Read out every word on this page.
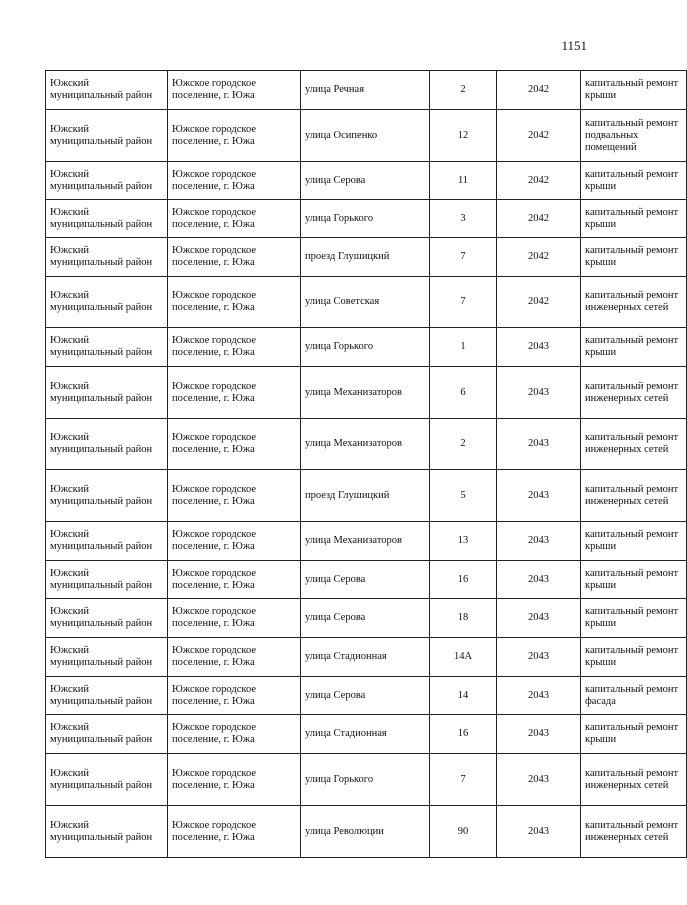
1151
Южский муниципальный район	Южское городское поселение, г. Южа	улица Речная	2	2042	капитальный ремонт крыши
Южский муниципальный район	Южское городское поселение, г. Южа	улица Осипенко	12	2042	капитальный ремонт подвальных помещений
Южский муниципальный район	Южское городское поселение, г. Южа	улица Серова	11	2042	капитальный ремонт крыши
Южский муниципальный район	Южское городское поселение, г. Южа	улица Горького	3	2042	капитальный ремонт крыши
Южский муниципальный район	Южское городское поселение, г. Южа	проезд Глушицкий	7	2042	капитальный ремонт крыши
Южский муниципальный район	Южское городское поселение, г. Южа	улица Советская	7	2042	капитальный ремонт инженерных сетей
Южский муниципальный район	Южское городское поселение, г. Южа	улица Горького	1	2043	капитальный ремонт крыши
Южский муниципальный район	Южское городское поселение, г. Южа	улица Механизаторов	6	2043	капитальный ремонт инженерных сетей
Южский муниципальный район	Южское городское поселение, г. Южа	улица Механизаторов	2	2043	капитальный ремонт инженерных сетей
Южский муниципальный район	Южское городское поселение, г. Южа	проезд Глушицкий	5	2043	капитальный ремонт инженерных сетей
Южский муниципальный район	Южское городское поселение, г. Южа	улица Механизаторов	13	2043	капитальный ремонт крыши
Южский муниципальный район	Южское городское поселение, г. Южа	улица Серова	16	2043	капитальный ремонт крыши
Южский муниципальный район	Южское городское поселение, г. Южа	улица Серова	18	2043	капитальный ремонт крыши
Южский муниципальный район	Южское городское поселение, г. Южа	улица Стадионная	14А	2043	капитальный ремонт крыши
Южский муниципальный район	Южское городское поселение, г. Южа	улица Серова	14	2043	капитальный ремонт фасада
Южский муниципальный район	Южское городское поселение, г. Южа	улица Стадионная	16	2043	капитальный ремонт крыши
Южский муниципальный район	Южское городское поселение, г. Южа	улица Горького	7	2043	капитальный ремонт инженерных сетей
Южский муниципальный район	Южское городское поселение, г. Южа	улица Революции	90	2043	капитальный ремонт инженерных сетей
